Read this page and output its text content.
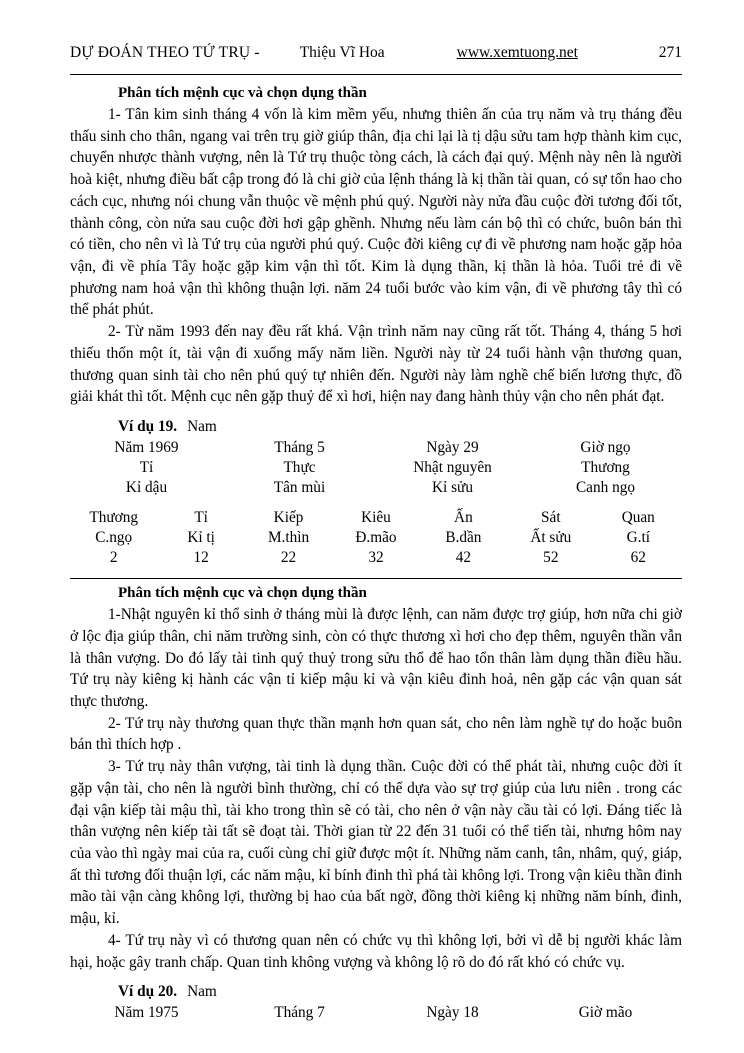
DỰ ĐOÁN THEO TỨ TRỤ -	Thiệu Vĩ Hoa	www.xemtuong.net	271
Phân tích mệnh cục và chọn dụng thần

1- Tân kim sinh tháng 4 vốn là kim mềm yếu, nhưng thiên ấn của trụ năm và trụ tháng đều thấu sinh cho thân, ngang vai trên trụ giờ giúp thân, địa chi lại là tị dậu sửu tam hợp thành kim cục, chuyển nhược thành vượng, nên là Tứ trụ thuộc tòng cách, là cách đại quý. Mệnh này nên là người hoà kiệt, nhưng điều bất cập trong đó là chi giờ của lệnh tháng là kị thần tài quan, có sự tổn hao cho cách cục, nhưng nói chung vẫn thuộc về mệnh phú quý. Người này nửa đầu cuộc đời tương đối tốt, thành công, còn nửa sau cuộc đời hơi gập ghềnh. Nhưng nếu làm cán bộ thì có chức, buôn bán thì có tiền, cho nên vì là Tứ trụ của người phú quý. Cuộc đời kiêng cự đi về phương nam hoặc gặp hỏa vận, đi về phía Tây hoặc gặp kim vận thì tốt. Kim là dụng thần, kị thần là hỏa. Tuổi trẻ đi về phương nam hoả vận thì không thuận lợi. năm 24 tuổi bước vào kim vận, đi về phương tây thì có thể phát phút.

2- Từ năm 1993 đến nay đều rất khá. Vận trình năm nay cũng rất tốt. Tháng 4, tháng 5 hơi thiếu thốn một ít, tài vận đi xuống mấy năm liền. Người này từ 24 tuổi hành vận thương quan, thương quan sinh tài cho nên phú quý tự nhiên đến. Người này làm nghề chế biến lương thực, đồ giải khát thì tốt. Mệnh cục nên gặp thuỷ để xì hơi, hiện nay đang hành thủy vận cho nên phát đạt.

Ví dụ 19. Nam
Năm 1969	Tháng 5	Ngày 29	Giờ ngọ
Tỉ	Thực	Nhật nguyên	Thương
Kỉ dậu	Tân mùi	Kỉ sửu	Canh ngọ
Thương	Tỉ	Kiếp	Kiêu	Ấn	Sát	Quan
C.ngọ	Kỉ tị	M.thìn	Đ.mão	B.dần	Ất sửu	G.tí
2	12	22	32	42	52	62
Phân tích mệnh cục và chọn dụng thần

1-Nhật nguyên kỉ thổ sinh ở tháng mùi là được lệnh, can năm được trợ giúp, hơn nữa chi giờ ở lộc địa giúp thân, chi năm trường sinh, còn có thực thương xì hơi cho đẹp thêm, nguyên thần vẫn là thân vượng. Do đó lấy tài tinh quý thuỷ trong sửu thổ để hao tổn thân làm dụng thần điều hầu. Tứ trụ này kiêng kị hành các vận tỉ kiếp mậu kỉ và vận kiêu đinh hoả, nên gặp các vận quan sát thực thương.

2- Tứ trụ này thương quan thực thần mạnh hơn quan sát, cho nên làm nghề tự do hoặc buôn bán thì thích hợp .

3- Tứ trụ này thân vượng, tài tinh là dụng thần. Cuộc đời có thể phát tài, nhưng cuộc đời ít gặp vận tài, cho nên là người bình thường, chỉ có thể dựa vào sự trợ giúp của lưu niên . trong các đại vận kiếp tài mậu thì, tài kho trong thìn sẽ có tài, cho nên ở vận này cầu tài có lợi. Đáng tiếc là thân vượng nên kiếp tài tất sẽ đoạt tài. Thời gian từ 22 đến 31 tuổi có thể tiến tài, nhưng hôm nay của vào thì ngày mai của ra, cuối cùng chỉ giữ được một ít. Những năm canh, tân, nhâm, quý, giáp, ất thì tương đối thuận lợi, các năm mậu, kỉ bính đinh thì phá tài không lợi. Trong vận kiêu thần đinh mão tài vận càng không lợi, thường bị hao của bất ngờ, đồng thời kiêng kị những năm bính, đinh, mậu, kỉ.

4- Tứ trụ này vì có thương quan nên có chức vụ thì không lợi, bởi vì dễ bị người khác làm hại, hoặc gây tranh chấp. Quan tinh không vượng và không lộ rõ do đó rất khó có chức vụ.

Ví dụ 20. Nam
Năm 1975	Tháng 7	Ngày 18	Giờ mão
